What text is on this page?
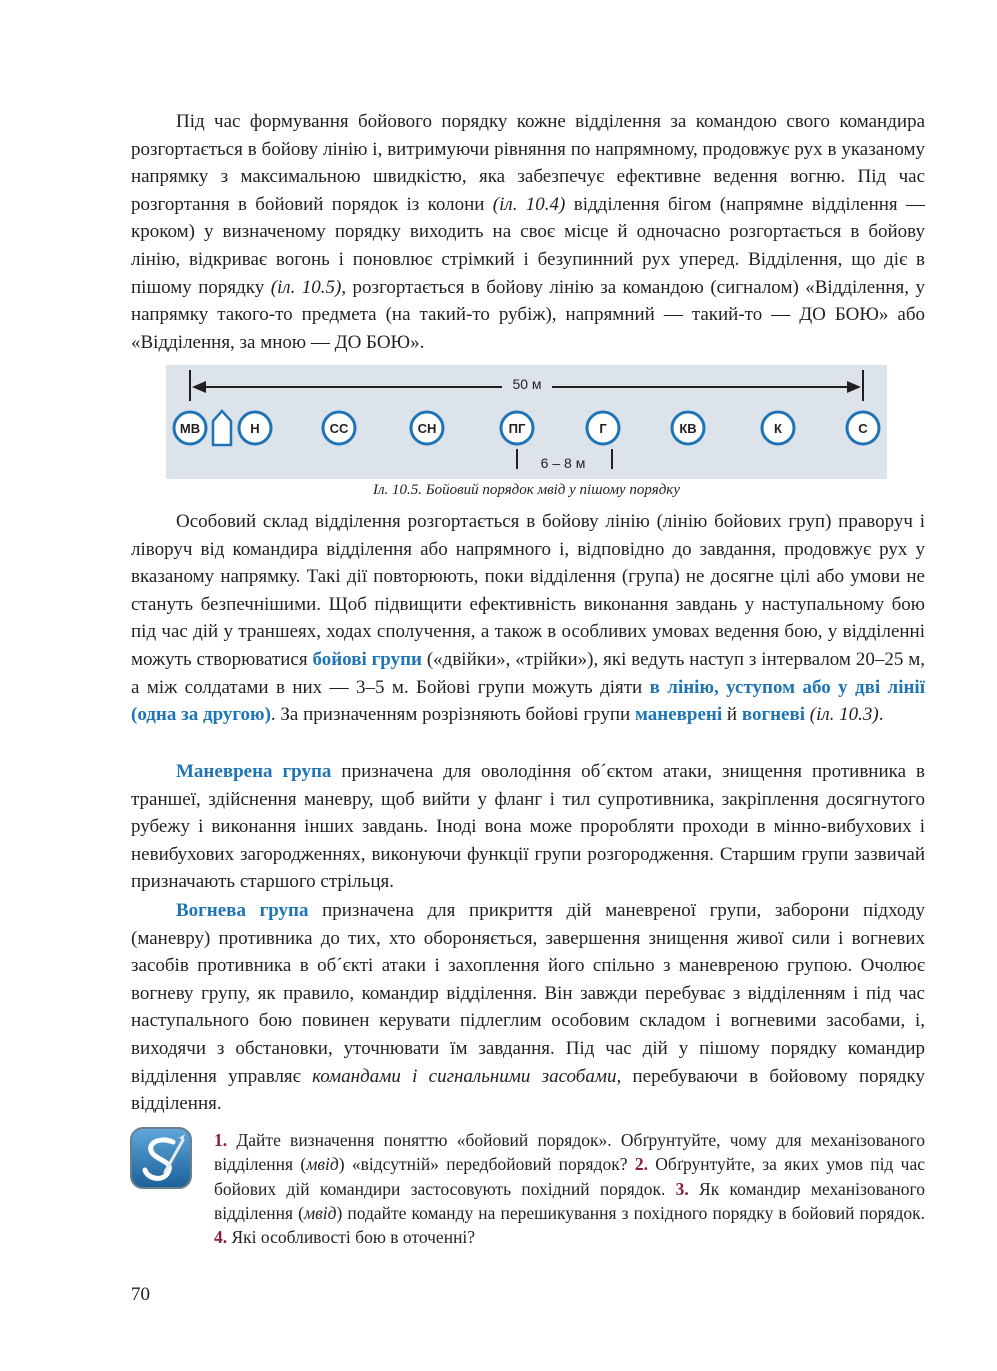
Під час формування бойового порядку кожне відділення за командою свого командира розгортається в бойову лінію і, витримуючи рівняння по напрямному, продовжує рух в указаному напрямку з максимальною швидкістю, яка забезпечує ефективне ведення вогню. Під час розгортання в бойовий порядок із колони (іл. 10.4) відділення бігом (напрямне відділення — кроком) у визначеному порядку виходить на своє місце й одночасно розгортається в бойову лінію, відкриває вогонь і поновлює стрімкий і безупинний рух уперед. Відділення, що діє в пішому порядку (іл. 10.5), розгортається в бойову лінію за командою (сигналом) «Відділення, у напрямку такого-то предмета (на такий-то рубіж), напрямний — такий-то — ДО БОЮ» або «Відділення, за мною — ДО БОЮ».

50 м
6 – 8 м
МВ	Н	СС	СН	ПГ	Г	КВ	К	С
Іл. 10.5. Бойовий порядок мвід у пішому порядку

Особовий склад відділення розгортається в бойову лінію (лінію бойових груп) праворуч і ліворуч від командира відділення або напрямного і, відповідно до завдання, продовжує рух у вказаному напрямку. Такі дії повторюють, поки відділення (група) не досягне цілі або умови не стануть безпечнішими. Щоб підвищити ефективність виконання завдань у наступальному бою під час дій у траншеях, ходах сполучення, а також в особливих умовах ведення бою, у відділенні можуть створюватися бойові групи («двійки», «трійки»), які ведуть наступ з інтервалом 20–25 м, а між солдатами в них — 3–5 м. Бойові групи можуть діяти в лінію, уступом або у дві лінії (одна за другою). За призначенням розрізняють бойові групи маневрені й вогневі (іл. 10.3).

Маневрена група призначена для оволодіння об´єктом атаки, знищення противника в траншеї, здійснення маневру, щоб вийти у фланг і тил супротивника, закріплення досягнутого рубежу і виконання інших завдань. Іноді вона може проробляти проходи в мінно-вибухових і невибухових загородженнях, виконуючи функції групи розгородження. Старшим групи зазвичай призначають старшого стрільця.

Вогнева група призначена для прикриття дій маневреної групи, заборони підходу (маневру) противника до тих, хто обороняється, завершення знищення живої сили і вогневих засобів противника в об´єкті атаки і захоплення його спільно з маневреною групою. Очолює вогневу групу, як правило, командир відділення. Він завжди перебуває з відділенням і під час наступального бою повинен керувати підлеглим особовим складом і вогневими засобами, і, виходячи з обстановки, уточнювати їм завдання. Під час дій у пішому порядку командир відділення управляє командами і сигнальними засобами, перебуваючи в бойовому порядку відділення.

1. Дайте визначення поняттю «бойовий порядок». Обґрунтуйте, чому для механізованого відділення (мвід) «відсутній» передбойовий порядок? 2. Обґрунтуйте, за яких умов під час бойових дій командири застосовують похідний порядок. 3. Як командир механізованого відділення (мвід) подайте команду на перешикування з похідного порядку в бойовий порядок. 4. Які особливості бою в оточенні?

70
